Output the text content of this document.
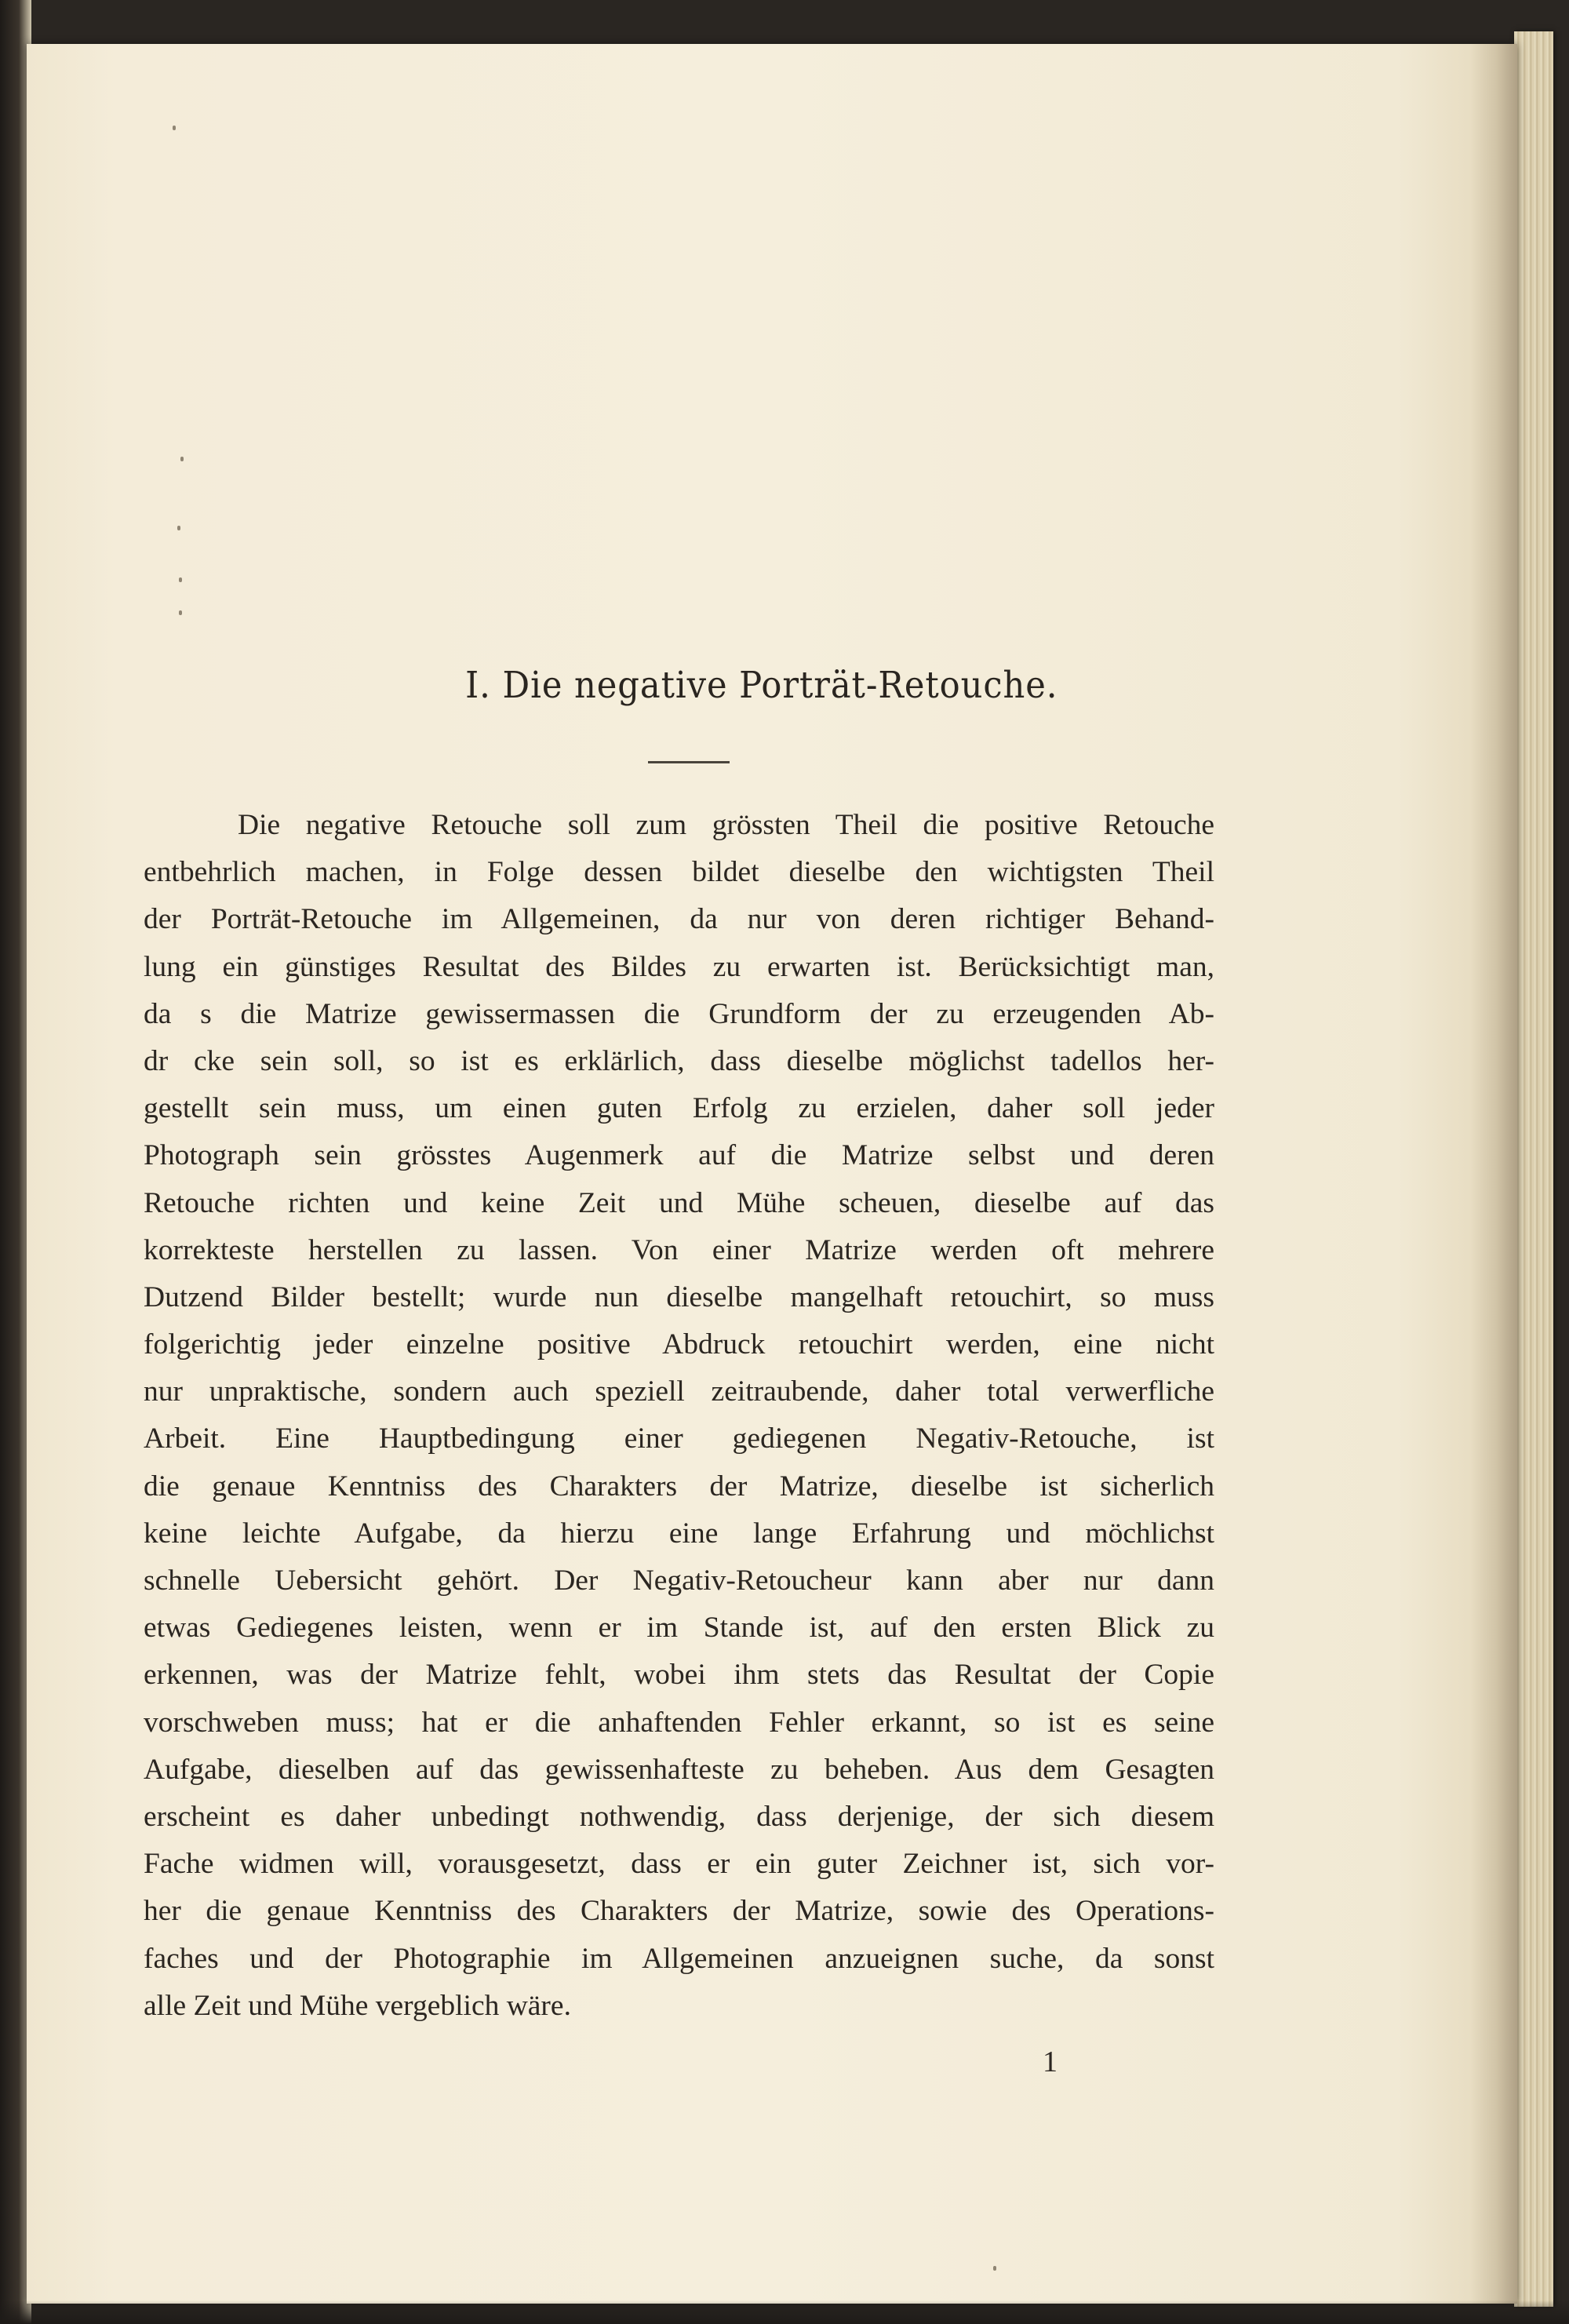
I. Die negative Porträt-Retouche.
Die negative Retouche soll zum grössten Theil die positive Retouche
entbehrlich machen, in Folge dessen bildet dieselbe den wichtigsten Theil
der Porträt-Retouche im Allgemeinen, da nur von deren richtiger Behand-
lung ein günstiges Resultat des Bildes zu erwarten ist. Berücksichtigt man,
da s die Matrize gewissermassen die Grundform der zu erzeugenden Ab-
dr cke sein soll, so ist es erklärlich, dass dieselbe möglichst tadellos her-
gestellt sein muss, um einen guten Erfolg zu erzielen, daher soll jeder
Photograph sein grösstes Augenmerk auf die Matrize selbst und deren
Retouche richten und keine Zeit und Mühe scheuen, dieselbe auf das
korrekteste herstellen zu lassen. Von einer Matrize werden oft mehrere
Dutzend Bilder bestellt; wurde nun dieselbe mangelhaft retouchirt, so muss
folgerichtig jeder einzelne positive Abdruck retouchirt werden, eine nicht
nur unpraktische, sondern auch speziell zeitraubende, daher total verwerfliche
Arbeit. Eine Hauptbedingung einer gediegenen Negativ-Retouche, ist
die genaue Kenntniss des Charakters der Matrize, dieselbe ist sicherlich
keine leichte Aufgabe, da hierzu eine lange Erfahrung und möchlichst
schnelle Uebersicht gehört. Der Negativ-Retoucheur kann aber nur dann
etwas Gediegenes leisten, wenn er im Stande ist, auf den ersten Blick zu
erkennen, was der Matrize fehlt, wobei ihm stets das Resultat der Copie
vorschweben muss; hat er die anhaftenden Fehler erkannt, so ist es seine
Aufgabe, dieselben auf das gewissenhafteste zu beheben. Aus dem Gesagten
erscheint es daher unbedingt nothwendig, dass derjenige, der sich diesem
Fache widmen will, vorausgesetzt, dass er ein guter Zeichner ist, sich vor-
her die genaue Kenntniss des Charakters der Matrize, sowie des Operations-
faches und der Photographie im Allgemeinen anzueignen suche, da sonst
alle Zeit und Mühe vergeblich wäre.
1
